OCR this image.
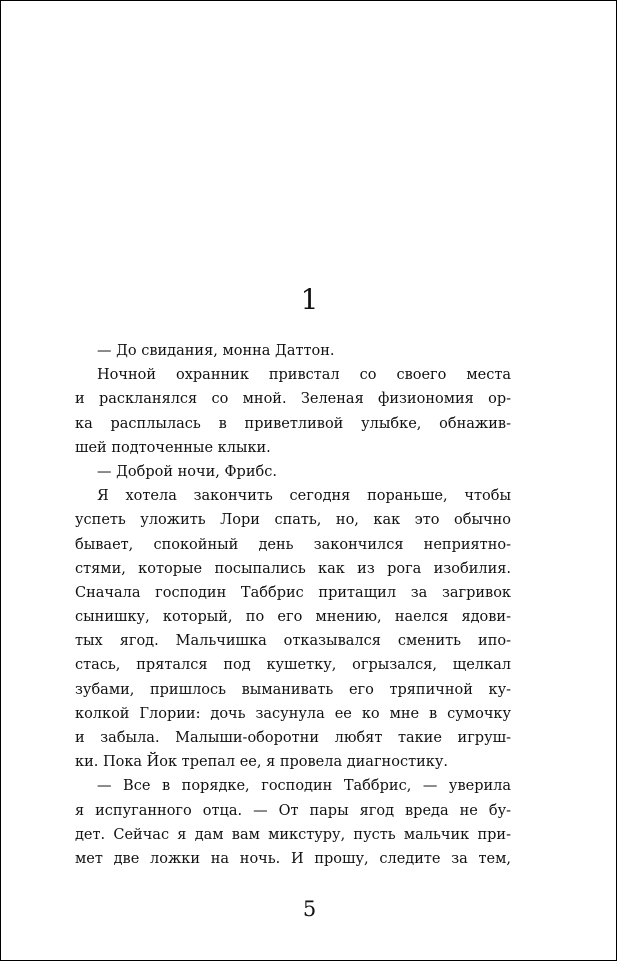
1
— До свидания, монна Даттон.
Ночной охранник привстал со своего места
и раскланялся со мной. Зеленая физиономия ор-
ка расплылась в приветливой улыбке, обнажив-
шей подточенные клыки.
— Доброй ночи, Фрибс.
Я хотела закончить сегодня пораньше, чтобы
успеть уложить Лори спать, но, как это обычно
бывает, спокойный день закончился неприятно-
стями, которые посыпались как из рога изобилия.
Сначала господин Таббрис притащил за загривок
сынишку, который, по его мнению, наелся ядови-
тых ягод. Мальчишка отказывался сменить ипо-
стась, прятался под кушетку, огрызался, щелкал
зубами, пришлось выманивать его тряпичной ку-
колкой Глории: дочь засунула ее ко мне в сумочку
и забыла. Малыши-оборотни любят такие игруш-
ки. Пока Йок трепал ее, я провела диагностику.
— Все в порядке, господин Таббрис, — уверила
я испуганного отца. — От пары ягод вреда не бу-
дет. Сейчас я дам вам микстуру, пусть мальчик при-
мет две ложки на ночь. И прошу, следите за тем,
5
